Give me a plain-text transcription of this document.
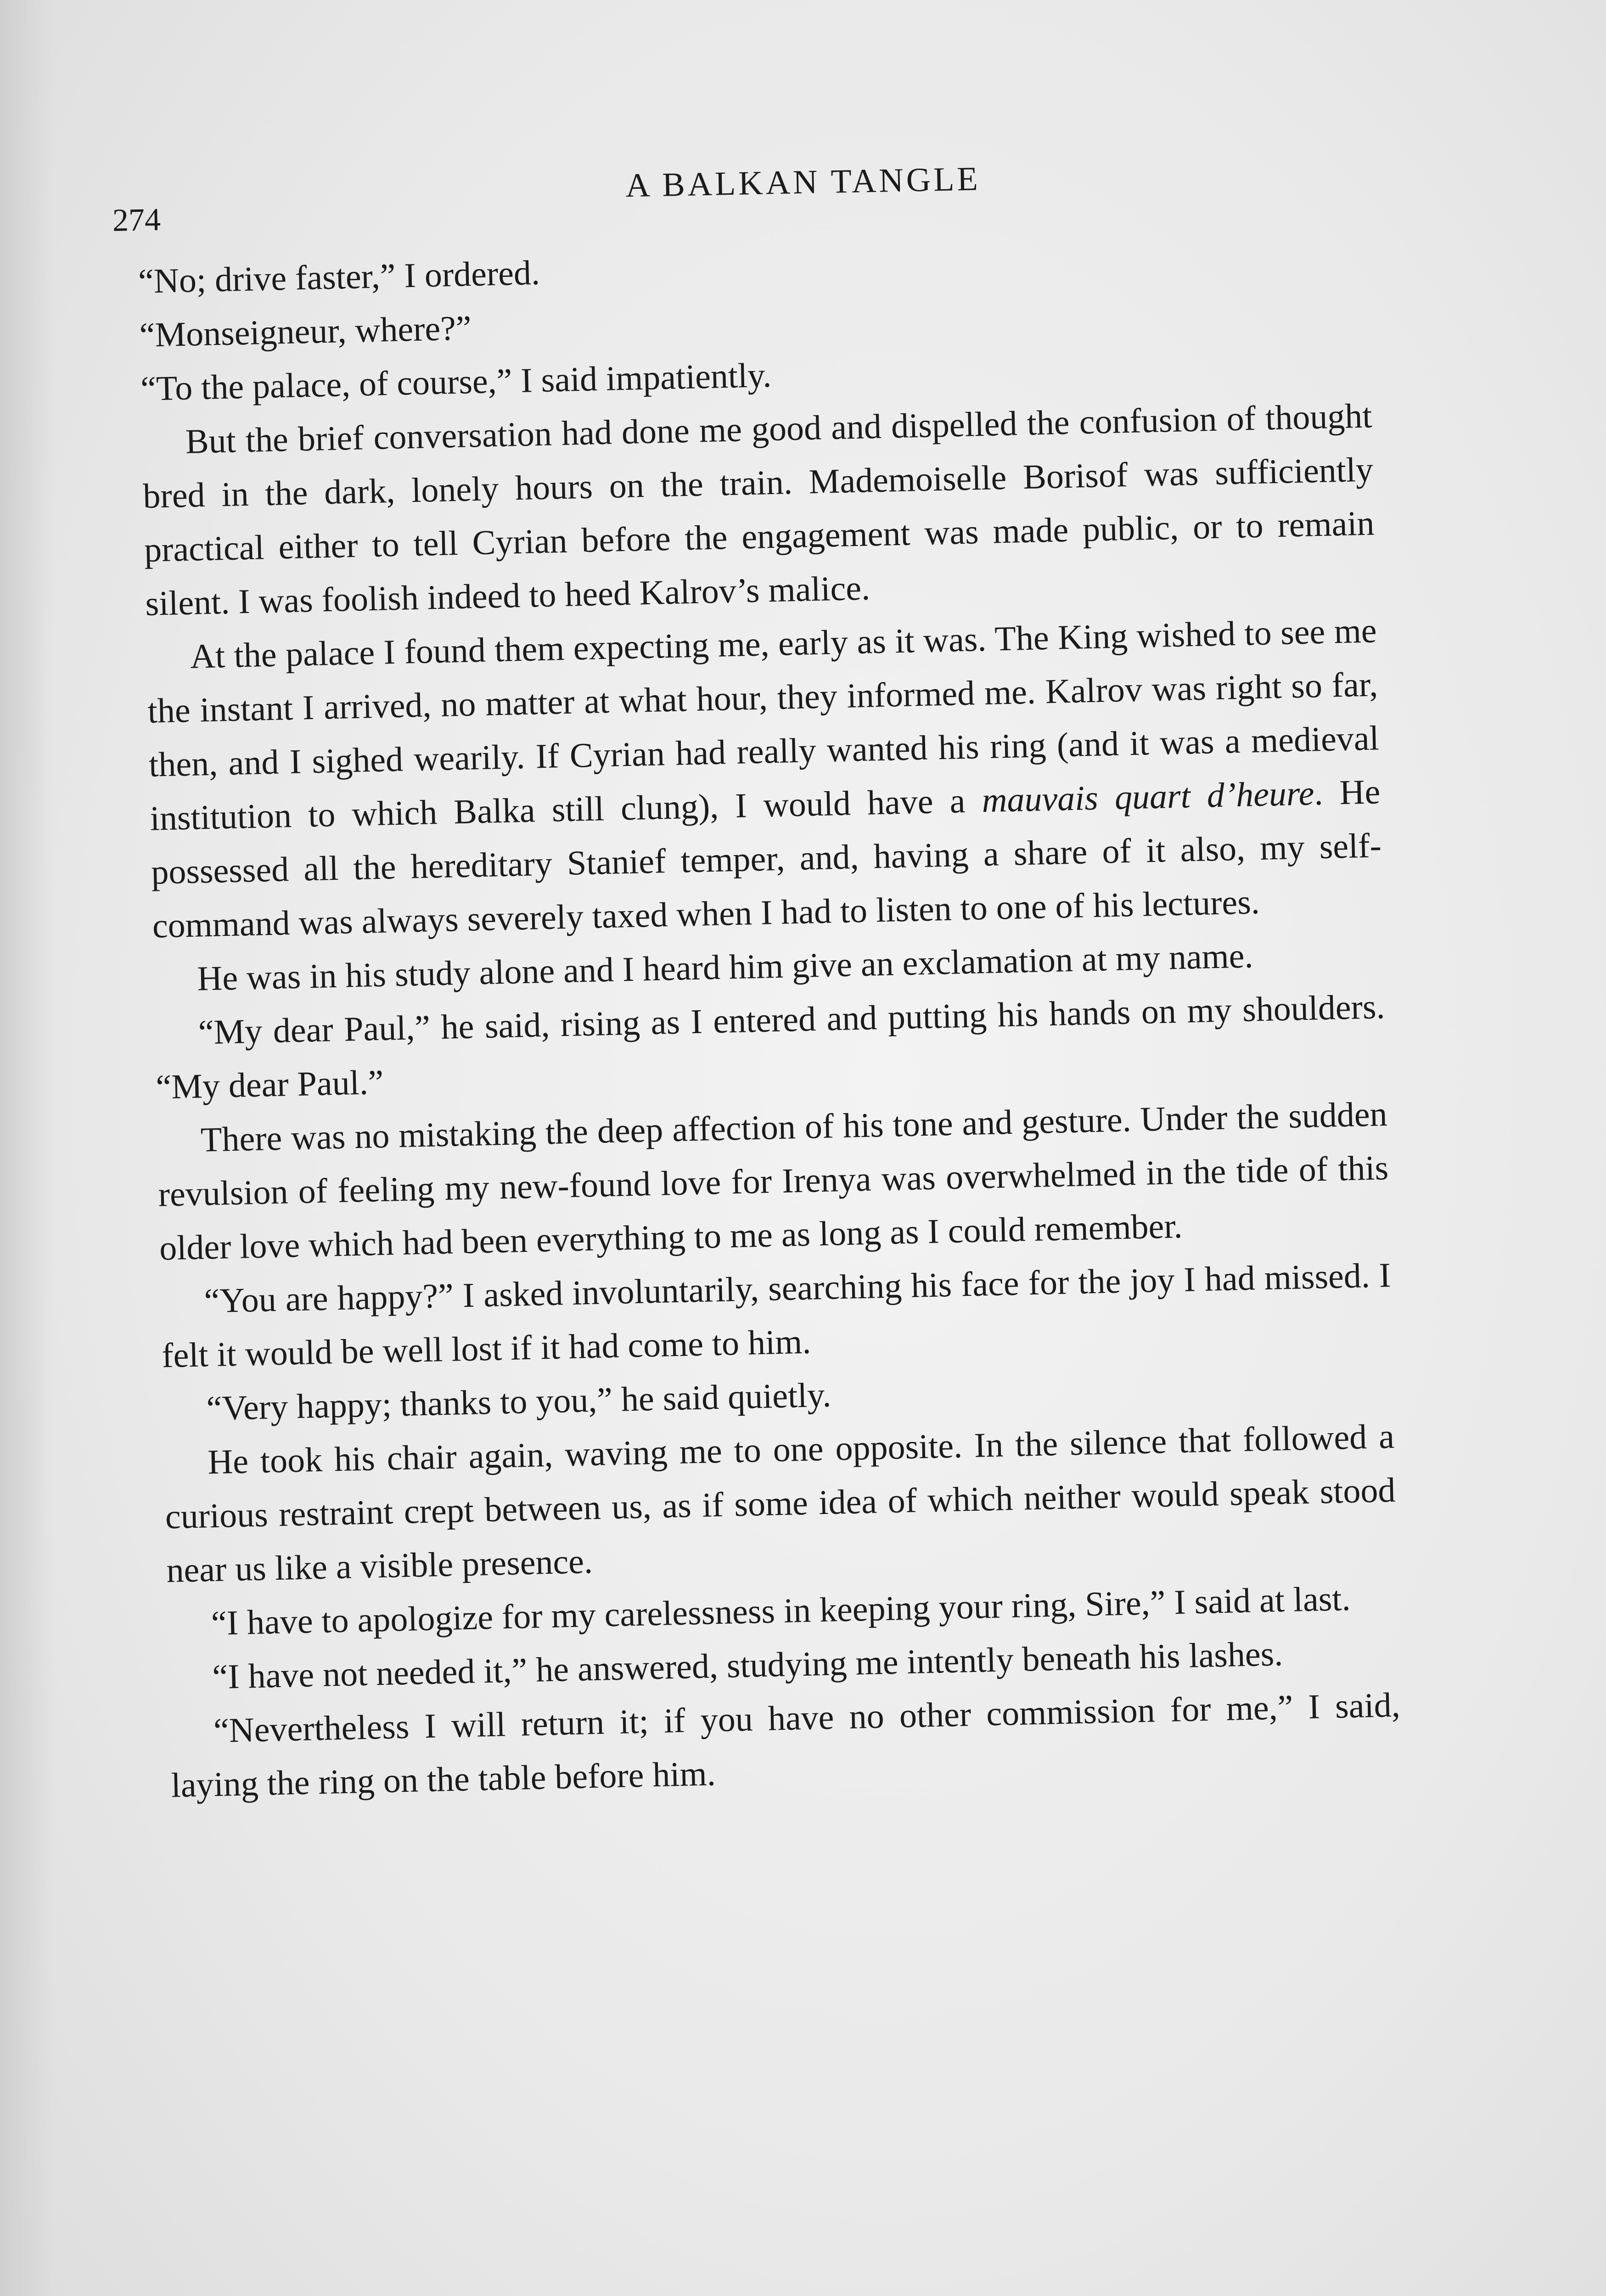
A BALKAN TANGLE
274

“No; drive faster,” I ordered.

“Monseigneur, where?”

“To the palace, of course,” I said impatiently.

But the brief conversation had done me good and dispelled the confusion of thought bred in the dark, lonely hours on the train. Mademoiselle Borisof was sufficiently practical either to tell Cyrian before the engagement was made public, or to remain silent. I was foolish indeed to heed Kalrov’s malice.

At the palace I found them expecting me, early as it was. The King wished to see me the instant I arrived, no matter at what hour, they informed me. Kalrov was right so far, then, and I sighed wearily. If Cyrian had really wanted his ring (and it was a medieval institution to which Balka still clung), I would have a mauvais quart d’heure. He possessed all the hereditary Stanief temper, and, having a share of it also, my self-command was always severely taxed when I had to listen to one of his lectures.

He was in his study alone and I heard him give an exclamation at my name.

“My dear Paul,” he said, rising as I entered and putting his hands on my shoulders. “My dear Paul.”

There was no mistaking the deep affection of his tone and gesture. Under the sudden revulsion of feeling my new-found love for Irenya was overwhelmed in the tide of this older love which had been everything to me as long as I could remember.

“You are happy?” I asked involuntarily, searching his face for the joy I had missed. I felt it would be well lost if it had come to him.

“Very happy; thanks to you,” he said quietly.

He took his chair again, waving me to one opposite. In the silence that followed a curious restraint crept between us, as if some idea of which neither would speak stood near us like a visible presence.

“I have to apologize for my carelessness in keeping your ring, Sire,” I said at last.

“I have not needed it,” he answered, studying me intently beneath his lashes.

“Nevertheless I will return it; if you have no other commission for me,” I said, laying the ring on the table before him.
